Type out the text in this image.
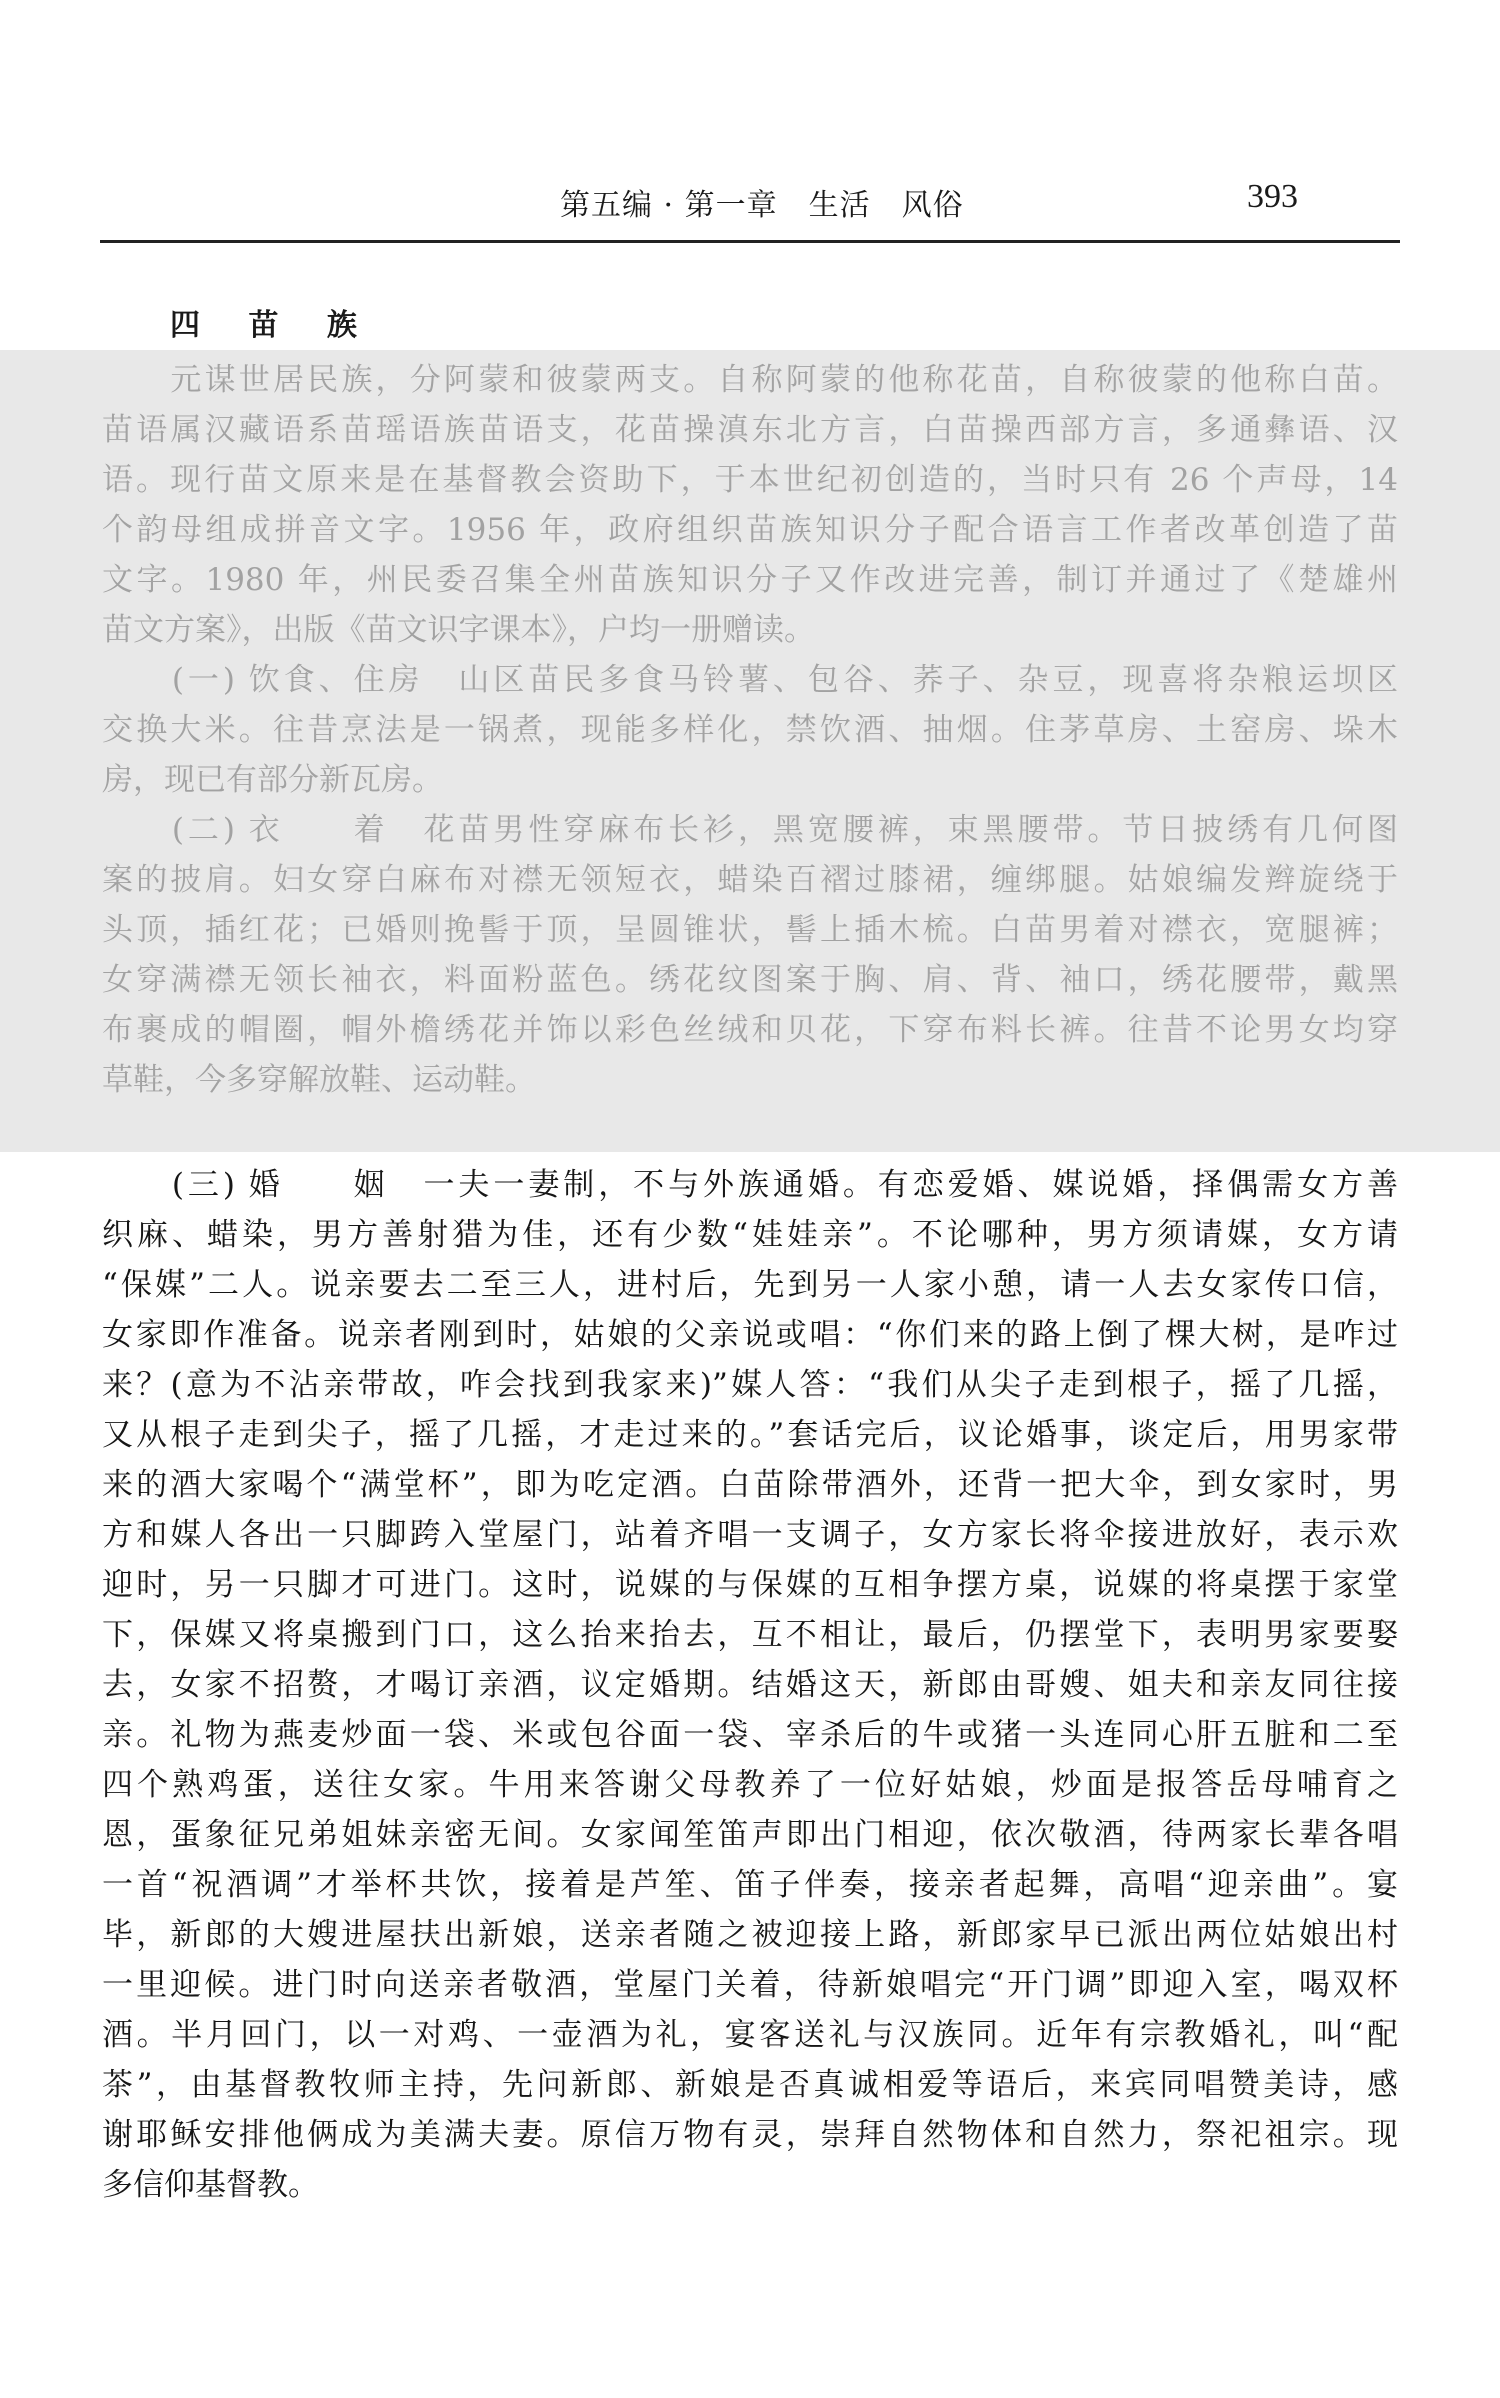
第五编 · 第一章　生活　风俗	393
四 苗 族
　　元谋世居民族，分阿蒙和彼蒙两支。自称阿蒙的他称花苗，自称彼蒙的他称白苗。
苗语属汉藏语系苗瑶语族苗语支，花苗操滇东北方言，白苗操西部方言，多通彝语、汉
语。现行苗文原来是在基督教会资助下，于本世纪初创造的，当时只有 26 个声母，14
个韵母组成拼音文字。1956 年，政府组织苗族知识分子配合语言工作者改革创造了苗
文字。1980 年，州民委召集全州苗族知识分子又作改进完善，制订并通过了《楚雄州
苗文方案》，出版《苗文识字课本》，户均一册赠读。
　　(一) 饮食、住房　山区苗民多食马铃薯、包谷、荞子、杂豆，现喜将杂粮运坝区
交换大米。往昔烹法是一锅煮，现能多样化，禁饮酒、抽烟。住茅草房、土窑房、垛木
房，现已有部分新瓦房。
　　(二) 衣　　着　花苗男性穿麻布长衫，黑宽腰裤，束黑腰带。节日披绣有几何图
案的披肩。妇女穿白麻布对襟无领短衣，蜡染百褶过膝裙，缠绑腿。姑娘编发辫旋绕于
头顶，插红花；已婚则挽髻于顶，呈圆锥状，髻上插木梳。白苗男着对襟衣，宽腿裤；
女穿满襟无领长袖衣，料面粉蓝色。绣花纹图案于胸、肩、背、袖口，绣花腰带，戴黑
布裹成的帽圈，帽外檐绣花并饰以彩色丝绒和贝花，下穿布料长裤。往昔不论男女均穿
草鞋，今多穿解放鞋、运动鞋。
　　(三) 婚　　姻　一夫一妻制，不与外族通婚。有恋爱婚、媒说婚，择偶需女方善
织麻、蜡染，男方善射猎为佳，还有少数“娃娃亲”。不论哪种，男方须请媒，女方请
“保媒”二人。说亲要去二至三人，进村后，先到另一人家小憩，请一人去女家传口信，
女家即作准备。说亲者刚到时，姑娘的父亲说或唱：“你们来的路上倒了棵大树，是咋过
来？(意为不沾亲带故，咋会找到我家来)”媒人答：“我们从尖子走到根子，摇了几摇，
又从根子走到尖子，摇了几摇，才走过来的。”套话完后，议论婚事，谈定后，用男家带
来的酒大家喝个“满堂杯”，即为吃定酒。白苗除带酒外，还背一把大伞，到女家时，男
方和媒人各出一只脚跨入堂屋门，站着齐唱一支调子，女方家长将伞接进放好，表示欢
迎时，另一只脚才可进门。这时，说媒的与保媒的互相争摆方桌，说媒的将桌摆于家堂
下，保媒又将桌搬到门口，这么抬来抬去，互不相让，最后，仍摆堂下，表明男家要娶
去，女家不招赘，才喝订亲酒，议定婚期。结婚这天，新郎由哥嫂、姐夫和亲友同往接
亲。礼物为燕麦炒面一袋、米或包谷面一袋、宰杀后的牛或猪一头连同心肝五脏和二至
四个熟鸡蛋，送往女家。牛用来答谢父母教养了一位好姑娘，炒面是报答岳母哺育之
恩，蛋象征兄弟姐妹亲密无间。女家闻笙笛声即出门相迎，依次敬酒，待两家长辈各唱
一首“祝酒调”才举杯共饮，接着是芦笙、笛子伴奏，接亲者起舞，高唱“迎亲曲”。宴
毕，新郎的大嫂进屋扶出新娘，送亲者随之被迎接上路，新郎家早已派出两位姑娘出村
一里迎候。进门时向送亲者敬酒，堂屋门关着，待新娘唱完“开门调”即迎入室，喝双杯
酒。半月回门，以一对鸡、一壶酒为礼，宴客送礼与汉族同。近年有宗教婚礼，叫“配
茶”，由基督教牧师主持，先问新郎、新娘是否真诚相爱等语后，来宾同唱赞美诗，感
谢耶稣安排他俩成为美满夫妻。原信万物有灵，崇拜自然物体和自然力，祭祀祖宗。现
多信仰基督教。
